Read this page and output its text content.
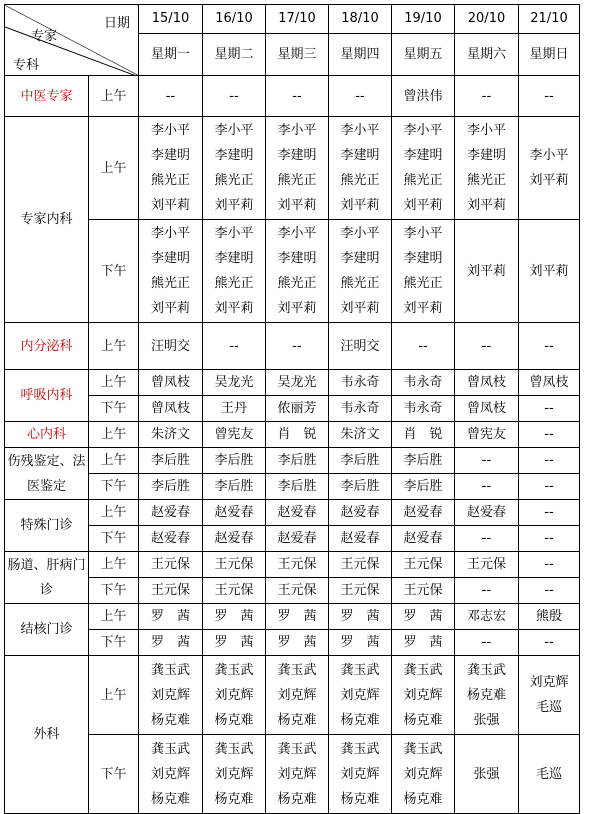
日期
专家
专科		15/10	16/10	17/10	18/10	19/10	20/10	21/10
		星期一	星期二	星期三	星期四	星期五	星期六	星期日
中医专家	上午	--	--	--	--	曾洪伟	--	--

专家内科	上午	李小平
李建明
熊光正
刘平莉	李小平
李建明
熊光正
刘平莉	李小平
李建明
熊光正
刘平莉	李小平
李建明
熊光正
刘平莉	李小平
李建明
熊光正
刘平莉	李小平
李建明
熊光正
刘平莉	李小平
刘平莉

	下午	李小平
李建明
熊光正
刘平莉	李小平
李建明
熊光正
刘平莉	李小平
李建明
熊光正
刘平莉	李小平
李建明
熊光正
刘平莉	李小平
李建明
熊光正
刘平莉	刘平莉	刘平莉

内分泌科	上午	汪明交	--	--	汪明交	--	--	--

呼吸内科	上午	曾凤枝	吴龙光	吴龙光	韦永奇	韦永奇	曾凤枝	曾凤枝

	下午	曾凤枝	王丹	侬丽芳	韦永奇	韦永奇	曾凤枝	--

心内科	上午	朱济文	曾宪友	肖　锐	朱济文	肖　锐	曾宪友	--

伤残鉴定、法医鉴定	上午	李后胜	李后胜	李后胜	李后胜	李后胜	--	--

	下午	李后胜	李后胜	李后胜	李后胜	李后胜	--	--

特殊门诊	上午	赵爱春	赵爱春	赵爱春	赵爱春	赵爱春	赵爱春	--

	下午	赵爱春	赵爱春	赵爱春	赵爱春	赵爱春	--	--

肠道、肝病门诊	上午	王元保	王元保	王元保	王元保	王元保	王元保	--

	下午	王元保	王元保	王元保	王元保	王元保	--	--

结核门诊	上午	罗　茜	罗　茜	罗　茜	罗　茜	罗　茜	邓志宏	熊殷

	下午	罗　茜	罗　茜	罗　茜	罗　茜	罗　茜	--	--

外科	上午	龚玉武
刘克辉
杨克难	龚玉武
刘克辉
杨克难	龚玉武
刘克辉
杨克难	龚玉武
刘克辉
杨克难	龚玉武
刘克辉
杨克难	龚玉武
杨克难
张强	刘克辉
毛巡

	下午	龚玉武
刘克辉
杨克难	龚玉武
刘克辉
杨克难	龚玉武
刘克辉
杨克难	龚玉武
刘克辉
杨克难	龚玉武
刘克辉
杨克难	张强	毛巡
